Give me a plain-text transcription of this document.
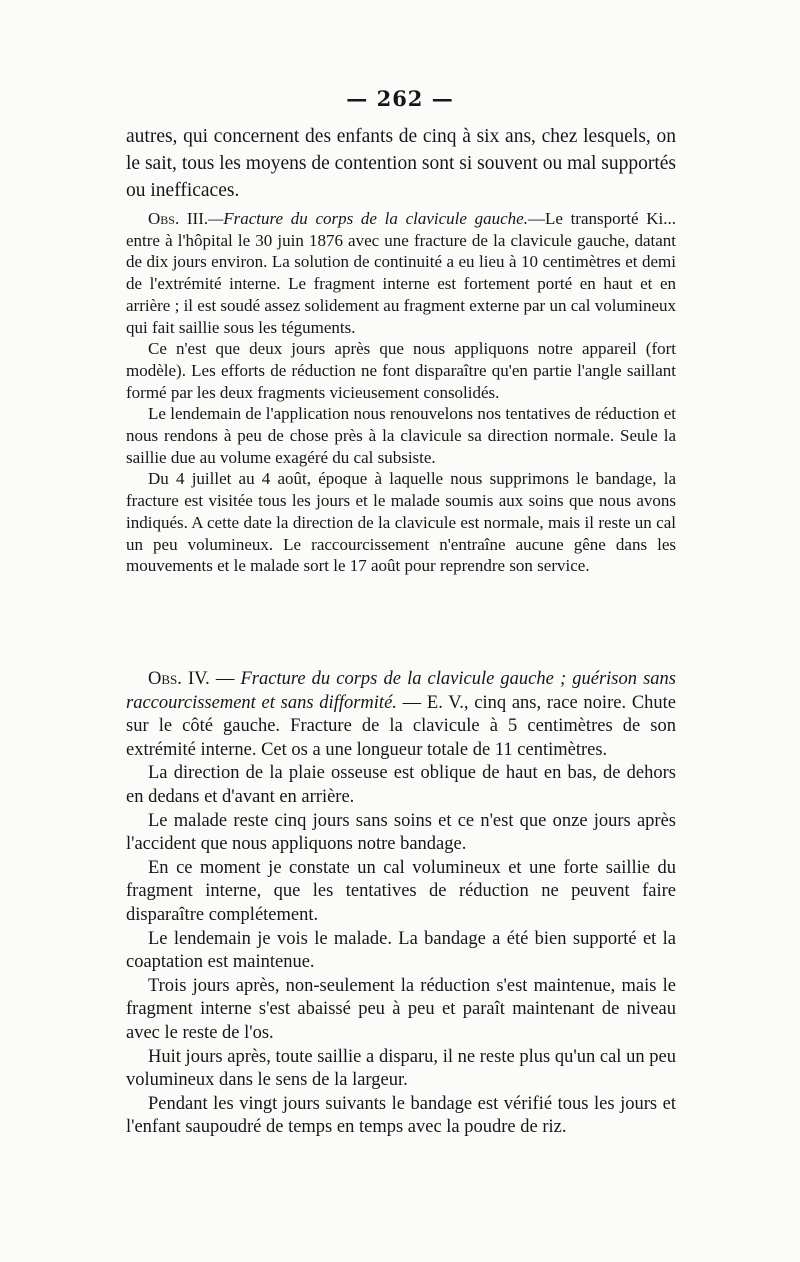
— 262 —

autres, qui concernent des enfants de cinq à six ans, chez lesquels, on le sait, tous les moyens de contention sont si souvent ou mal supportés ou inefficaces.

Obs. III.—Fracture du corps de la clavicule gauche.—Le transporté Ki... entre à l'hôpital le 30 juin 1876 avec une fracture de la clavicule gauche, datant de dix jours environ. La solution de continuité a eu lieu à 10 centimètres et demi de l'extrémité interne. Le fragment interne est fortement porté en haut et en arrière ; il est soudé assez solidement au fragment externe par un cal volumineux qui fait saillie sous les téguments.

Ce n'est que deux jours après que nous appliquons notre appareil (fort modèle). Les efforts de réduction ne font disparaître qu'en partie l'angle saillant formé par les deux fragments vicieusement consolidés.

Le lendemain de l'application nous renouvelons nos tentatives de réduction et nous rendons à peu de chose près à la clavicule sa direction normale. Seule la saillie due au volume exagéré du cal subsiste.

Du 4 juillet au 4 août, époque à laquelle nous supprimons le bandage, la fracture est visitée tous les jours et le malade soumis aux soins que nous avons indiqués. A cette date la direction de la clavicule est normale, mais il reste un cal un peu volumineux. Le raccourcissement n'entraîne aucune gêne dans les mouvements et le malade sort le 17 août pour reprendre son service.

Obs. IV. — Fracture du corps de la clavicule gauche ; guérison sans raccourcissement et sans difformité. — E. V., cinq ans, race noire. Chute sur le côté gauche. Fracture de la clavicule à 5 centimètres de son extrémité interne. Cet os a une longueur totale de 11 centimètres.

La direction de la plaie osseuse est oblique de haut en bas, de dehors en dedans et d'avant en arrière.

Le malade reste cinq jours sans soins et ce n'est que onze jours après l'accident que nous appliquons notre bandage.

En ce moment je constate un cal volumineux et une forte saillie du fragment interne, que les tentatives de réduction ne peuvent faire disparaître complétement.

Le lendemain je vois le malade. La bandage a été bien supporté et la coaptation est maintenue.

Trois jours après, non-seulement la réduction s'est maintenue, mais le fragment interne s'est abaissé peu à peu et paraît maintenant de niveau avec le reste de l'os.

Huit jours après, toute saillie a disparu, il ne reste plus qu'un cal un peu volumineux dans le sens de la largeur.

Pendant les vingt jours suivants le bandage est vérifié tous les jours et l'enfant saupoudré de temps en temps avec la poudre de riz.
